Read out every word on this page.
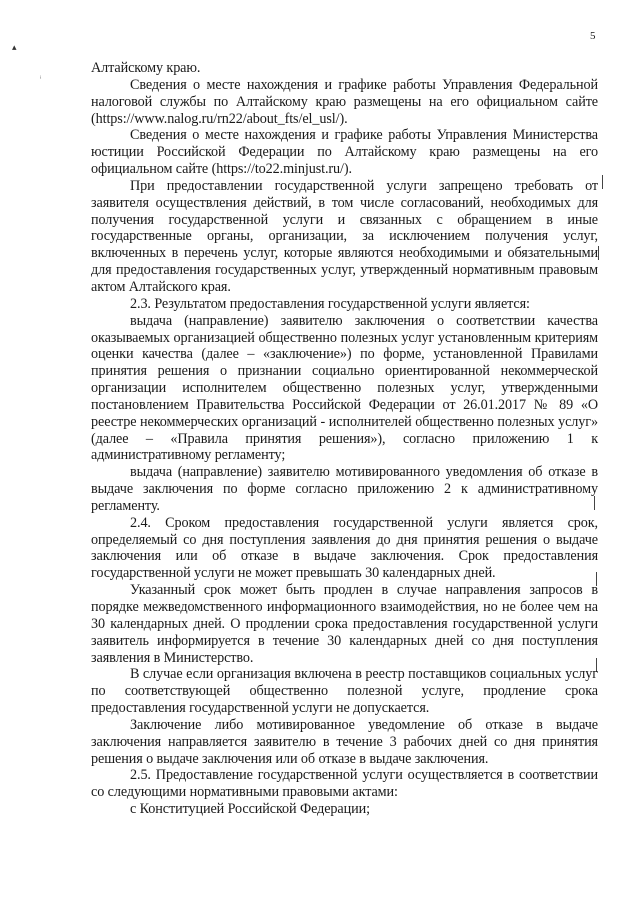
5
▴
ᵢ	Алтайскому краю.

Сведения о месте нахождения и графике работы Управления Федеральной налоговой службы по Алтайскому краю размещены на его официальном сайте (https://www.nalog.ru/rn22/about_fts/el_usl/).

Сведения о месте нахождения и графике работы Управления Министерства юстиции Российской Федерации по Алтайскому краю размещены на его официальном сайте (https://to22.minjust.ru/).

При предоставлении государственной услуги запрещено требовать от заявителя осуществления действий, в том числе согласований, необходимых для получения государственной услуги и связанных с обращением в иные государственные органы, организации, за исключением получения услуг, включенных в перечень услуг, которые являются необходимыми и обязательными для предоставления государственных услуг, утвержденный нормативным правовым актом Алтайского края.

2.3. Результатом предоставления государственной услуги является:

выдача (направление) заявителю заключения о соответствии качества оказываемых организацией общественно полезных услуг установленным критериям оценки качества (далее – «заключение») по форме, установленной Правилами принятия решения о признании социально ориентированной некоммерческой организации исполнителем общественно полезных услуг, утвержденными постановлением Правительства Российской Федерации от 26.01.2017 № 89 «О реестре некоммерческих организаций - исполнителей общественно полезных услуг» (далее – «Правила принятия решения»), согласно приложению 1 к административному регламенту;

выдача (направление) заявителю мотивированного уведомления об отказе в выдаче заключения по форме согласно приложению 2 к административному регламенту.

2.4. Сроком предоставления государственной услуги является срок, определяемый со дня поступления заявления до дня принятия решения о выдаче заключения или об отказе в выдаче заключения. Срок предоставления государственной услуги не может превышать 30 календарных дней.

Указанный срок может быть продлен в случае направления запросов в порядке межведомственного информационного взаимодействия, но не более чем на 30 календарных дней. О продлении срока предоставления государственной услуги заявитель информируется в течение 30 календарных дней со дня поступления заявления в Министерство.

В случае если организация включена в реестр поставщиков социальных услуг по соответствующей общественно полезной услуге, продление срока предоставления государственной услуги не допускается.

Заключение либо мотивированное уведомление об отказе в выдаче заключения направляется заявителю в течение 3 рабочих дней со дня принятия решения о выдаче заключения или об отказе в выдаче заключения.

2.5. Предоставление государственной услуги осуществляется в соответствии со следующими нормативными правовыми актами:

с Конституцией Российской Федерации;
